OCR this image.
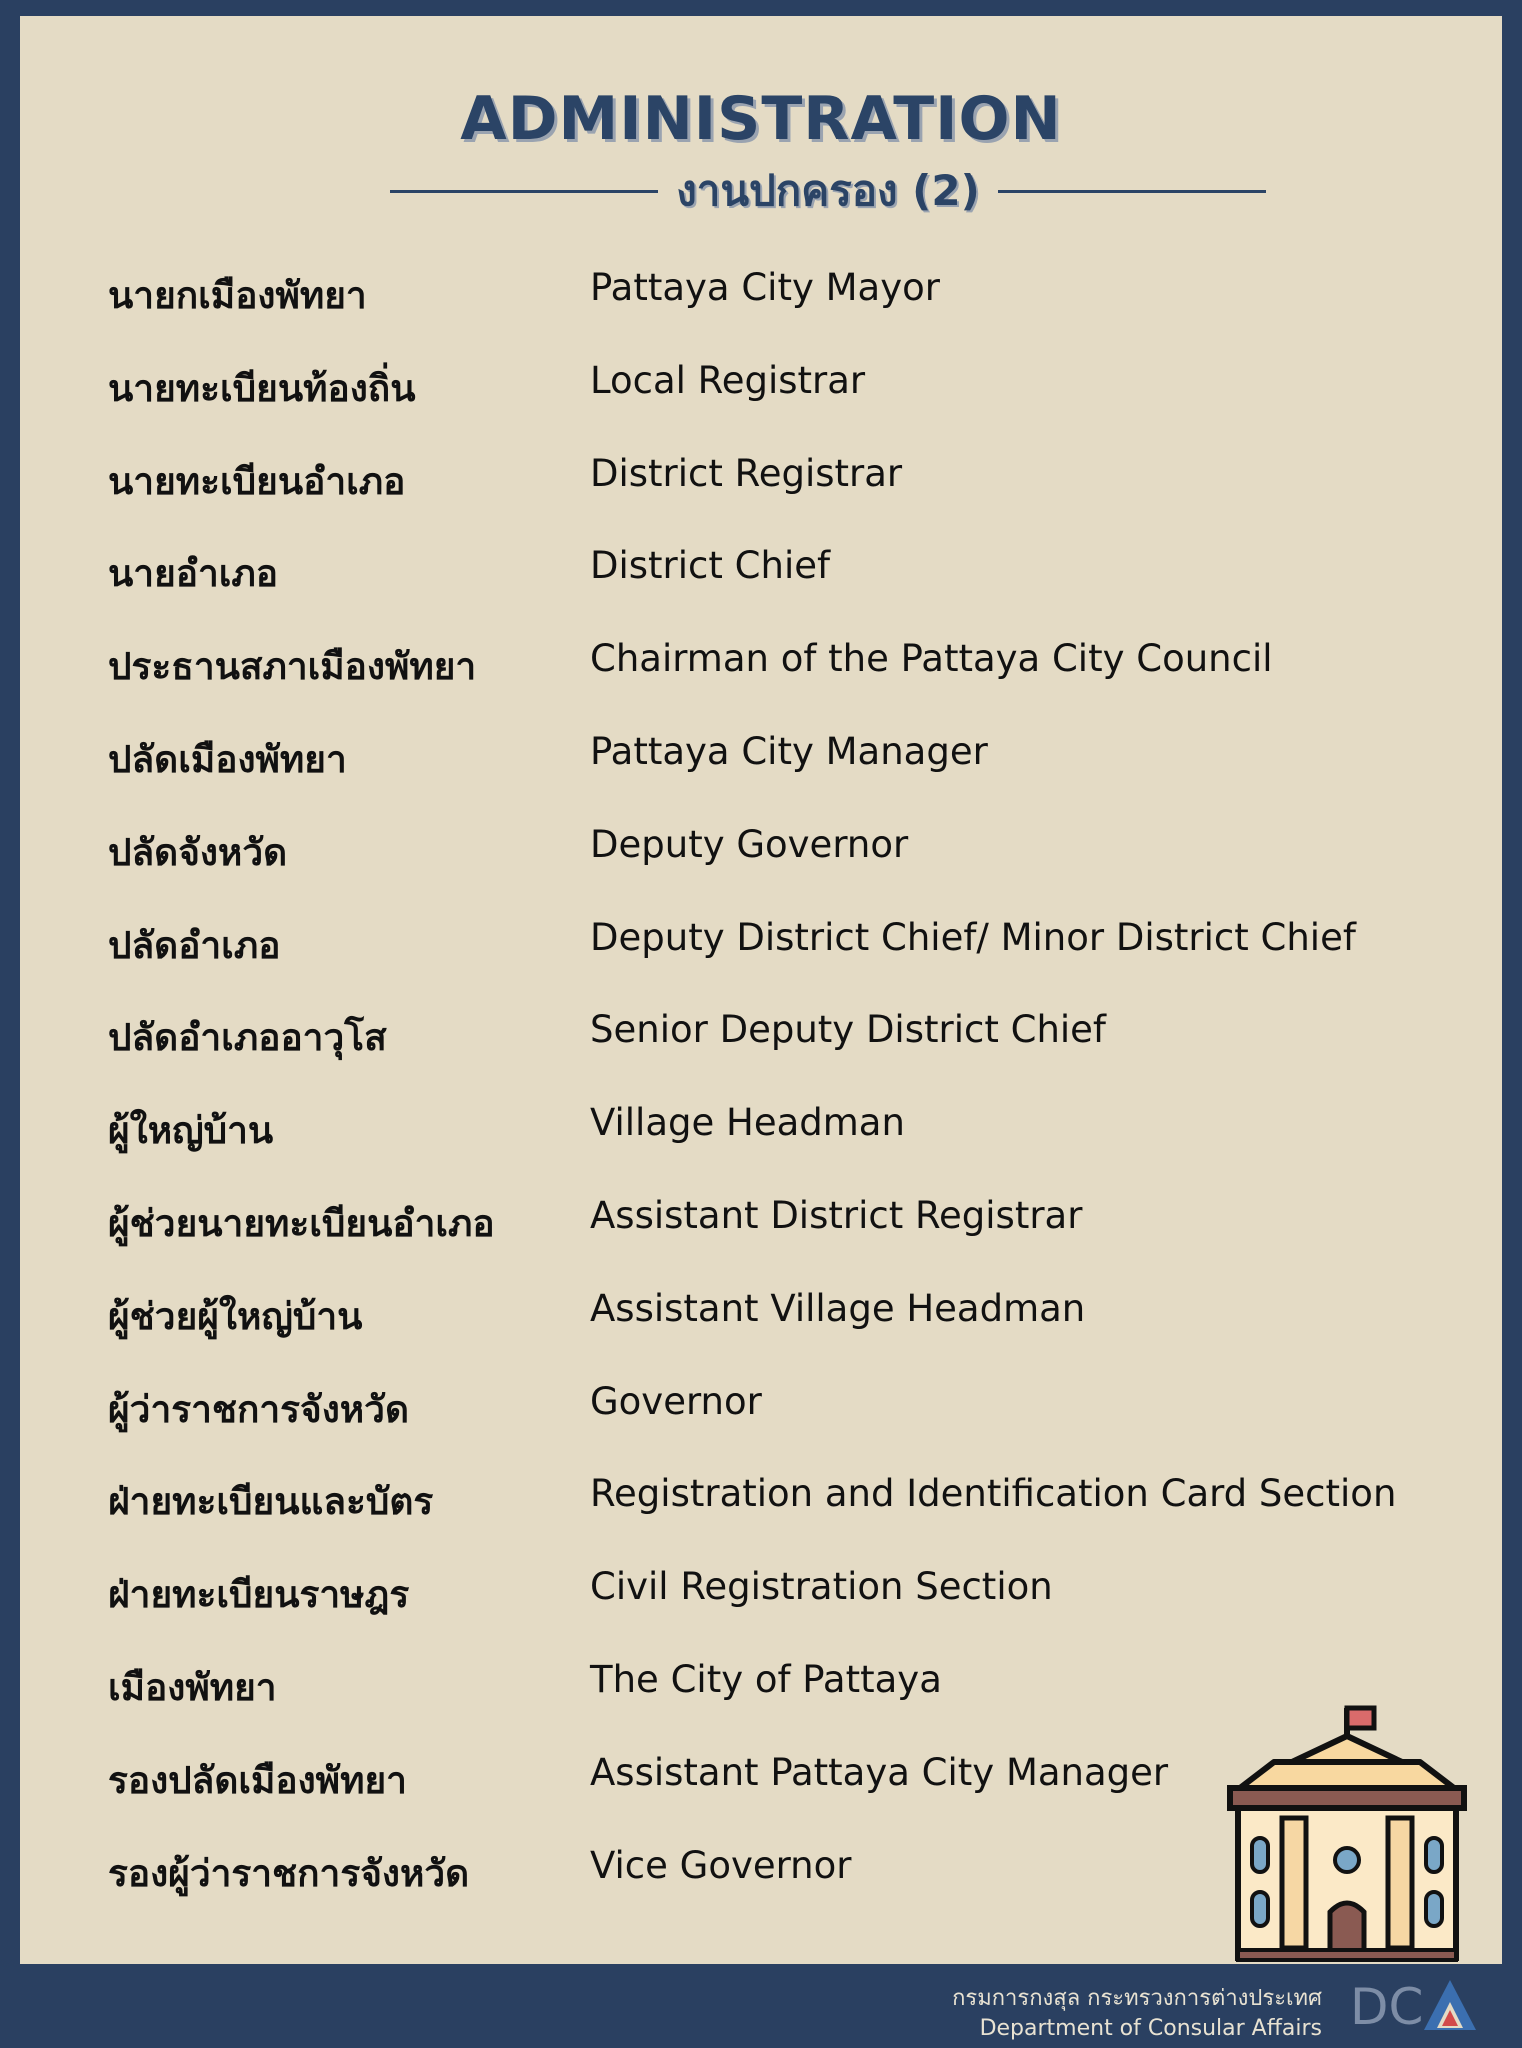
ADMINISTRATION
งานปกครอง (2)
นายกเมืองพัทยา	Pattaya City Mayor
นายทะเบียนท้องถิ่น	Local Registrar
นายทะเบียนอำเภอ	District Registrar
นายอำเภอ	District Chief
ประธานสภาเมืองพัทยา	Chairman of the Pattaya City Council
ปลัดเมืองพัทยา	Pattaya City Manager
ปลัดจังหวัด	Deputy Governor
ปลัดอำเภอ	Deputy District Chief/ Minor District Chief
ปลัดอำเภออาวุโส	Senior Deputy District Chief
ผู้ใหญ่บ้าน	Village Headman
ผู้ช่วยนายทะเบียนอำเภอ	Assistant District Registrar
ผู้ช่วยผู้ใหญ่บ้าน	Assistant Village Headman
ผู้ว่าราชการจังหวัด	Governor
ฝ่ายทะเบียนและบัตร	Registration and Identification Card Section
ฝ่ายทะเบียนราษฎร	Civil Registration Section
เมืองพัทยา	The City of Pattaya
รองปลัดเมืองพัทยา	Assistant Pattaya City Manager
รองผู้ว่าราชการจังหวัด	Vice Governor
กรมการกงสุล กระทรวงการต่างประเทศ
Department of Consular Affairs DC
